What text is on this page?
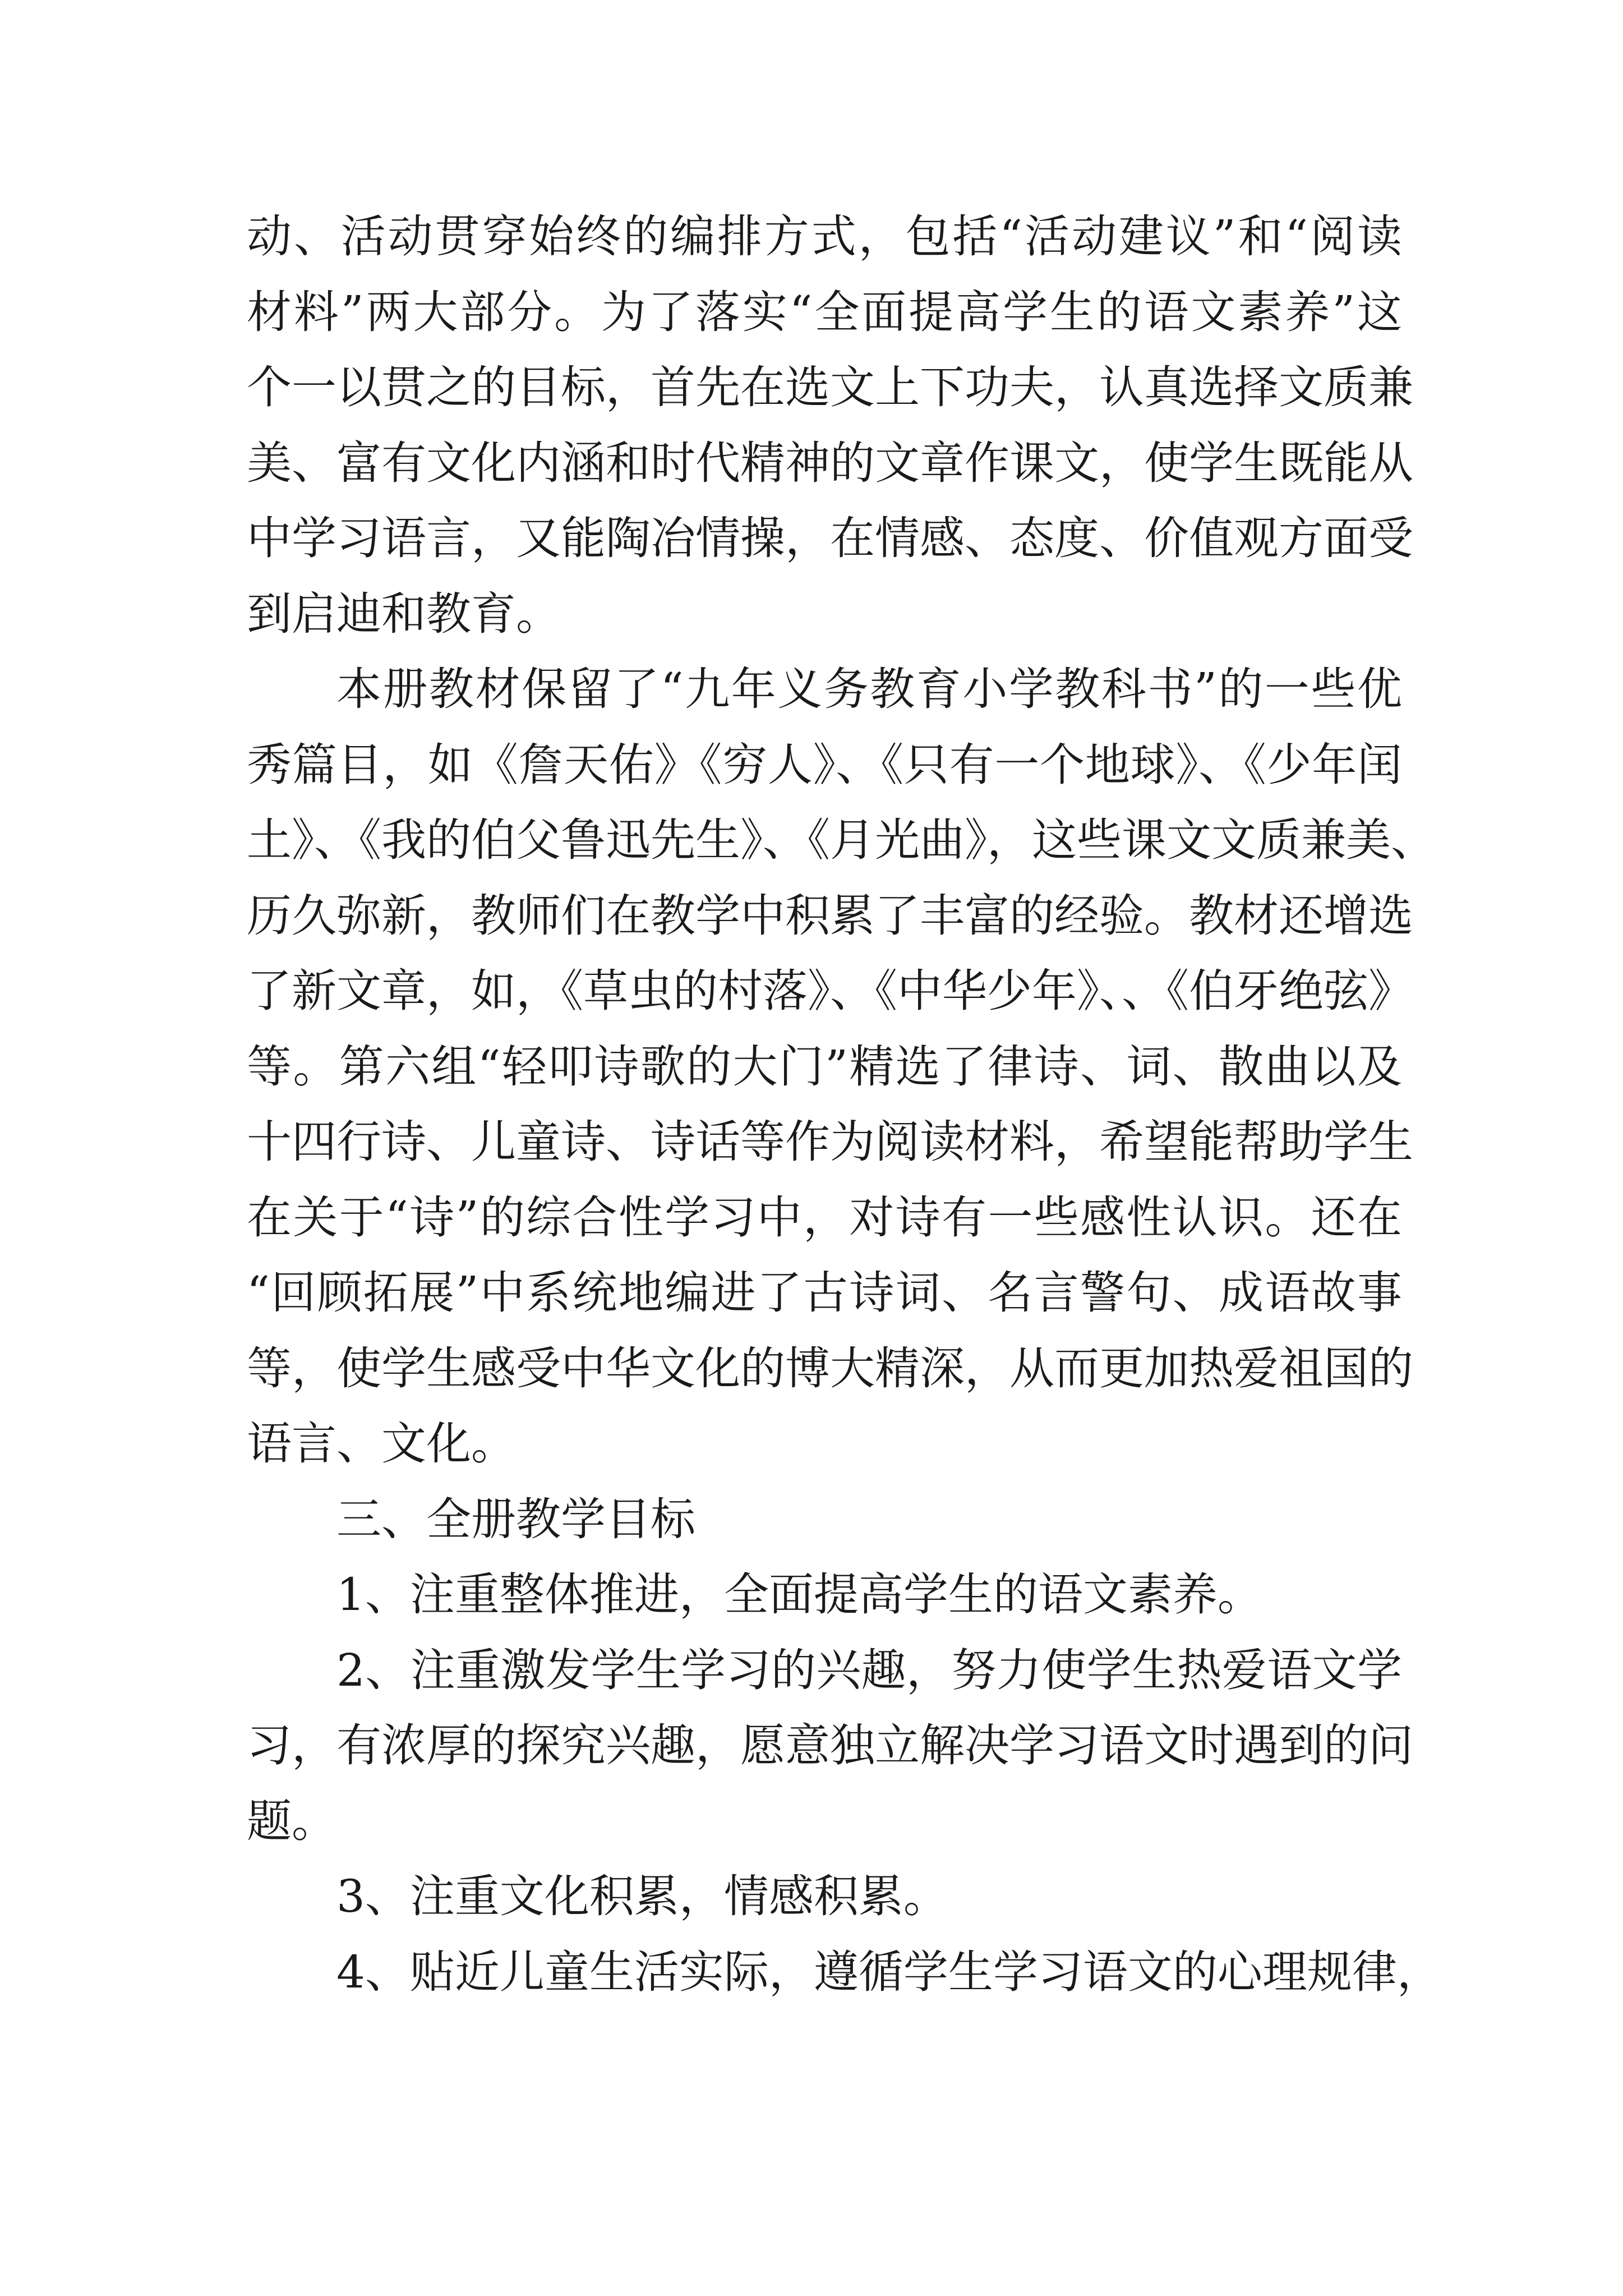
动、活动贯穿始终的编排方式，包括“活动建议”和“阅读
材料”两大部分。为了落实“全面提高学生的语文素养”这
个一以贯之的目标，首先在选文上下功夫，认真选择文质兼
美、富有文化内涵和时代精神的文章作课文，使学生既能从
中学习语言，又能陶冶情操，在情感、态度、价值观方面受
到启迪和教育。
本册教材保留了“九年义务教育小学教科书”的一些优
秀篇目，如《詹天佑》《穷人》、《只有一个地球》、《少年闰
土》、《我的伯父鲁迅先生》、《月光曲》，这些课文文质兼美、
历久弥新，教师们在教学中积累了丰富的经验。教材还增选
了新文章，如，《草虫的村落》、《中华少年》、、《伯牙绝弦》
等。第六组“轻叩诗歌的大门”精选了律诗、词、散曲以及
十四行诗、儿童诗、诗话等作为阅读材料，希望能帮助学生
在关于“诗”的综合性学习中，对诗有一些感性认识。还在
“回顾拓展”中系统地编进了古诗词、名言警句、成语故事
等，使学生感受中华文化的博大精深，从而更加热爱祖国的
语言、文化。
三、全册教学目标
1、注重整体推进，全面提高学生的语文素养。
2、注重激发学生学习的兴趣，努力使学生热爱语文学
习，有浓厚的探究兴趣，愿意独立解决学习语文时遇到的问
题。
3、注重文化积累，情感积累。
4、贴近儿童生活实际，遵循学生学习语文的心理规律，
